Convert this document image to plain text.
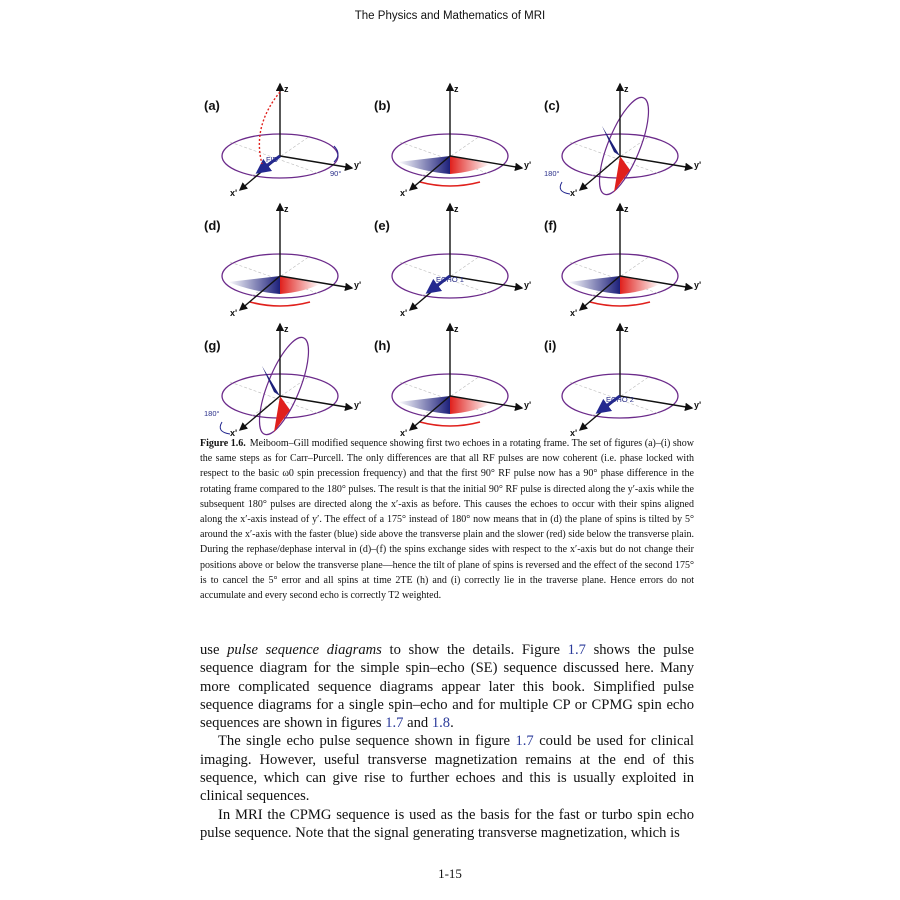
The Physics and Mathematics of MRI
(a)
z
y'
x'
FID
90°
(b)
z
y'
x'
(c)
z
y'
x'
180°
(d)
z
y'
x'
(e)
z
y'
x'
ECHO 1
(f)
z
y'
x'
(g)
z
y'
x'
180°
(h)
z
y'
x'
(i)
z
y'
x'
ECHO 2
Figure 1.6. Meiboom–Gill modified sequence showing first two echoes in a rotating frame. The set of figures (a)–(i) show the same steps as for Carr–Purcell. The only differences are that all RF pulses are now coherent (i.e. phase locked with respect to the basic ω0 spin precession frequency) and that the first 90° RF pulse now has a 90° phase difference in the rotating frame compared to the 180° pulses. The result is that the initial 90° RF pulse is directed along the y′-axis while the subsequent 180° pulses are directed along the x′-axis as before. This causes the echoes to occur with their spins aligned along the x′-axis instead of y′. The effect of a 175° instead of 180° now means that in (d) the plane of spins is tilted by 5° around the x′-axis with the faster (blue) side above the transverse plain and the slower (red) side below the transverse plain. During the rephase/dephase interval in (d)–(f) the spins exchange sides with respect to the x′-axis but do not change their positions above or below the transverse plane—hence the tilt of plane of spins is reversed and the effect of the second 175° is to cancel the 5° error and all spins at time 2TE (h) and (i) correctly lie in the traverse plane. Hence errors do not accumulate and every second echo is correctly T2 weighted.

use pulse sequence diagrams to show the details. Figure 1.7 shows the pulse sequence diagram for the simple spin–echo (SE) sequence discussed here. Many more complicated sequence diagrams appear later this book. Simplified pulse sequence diagrams for a single spin–echo and for multiple CP or CPMG spin echo sequences are shown in figures 1.7 and 1.8.

The single echo pulse sequence shown in figure 1.7 could be used for clinical imaging. However, useful transverse magnetization remains at the end of this sequence, which can give rise to further echoes and this is usually exploited in clinical sequences.

In MRI the CPMG sequence is used as the basis for the fast or turbo spin echo pulse sequence. Note that the signal generating transverse magnetization, which is

1-15
